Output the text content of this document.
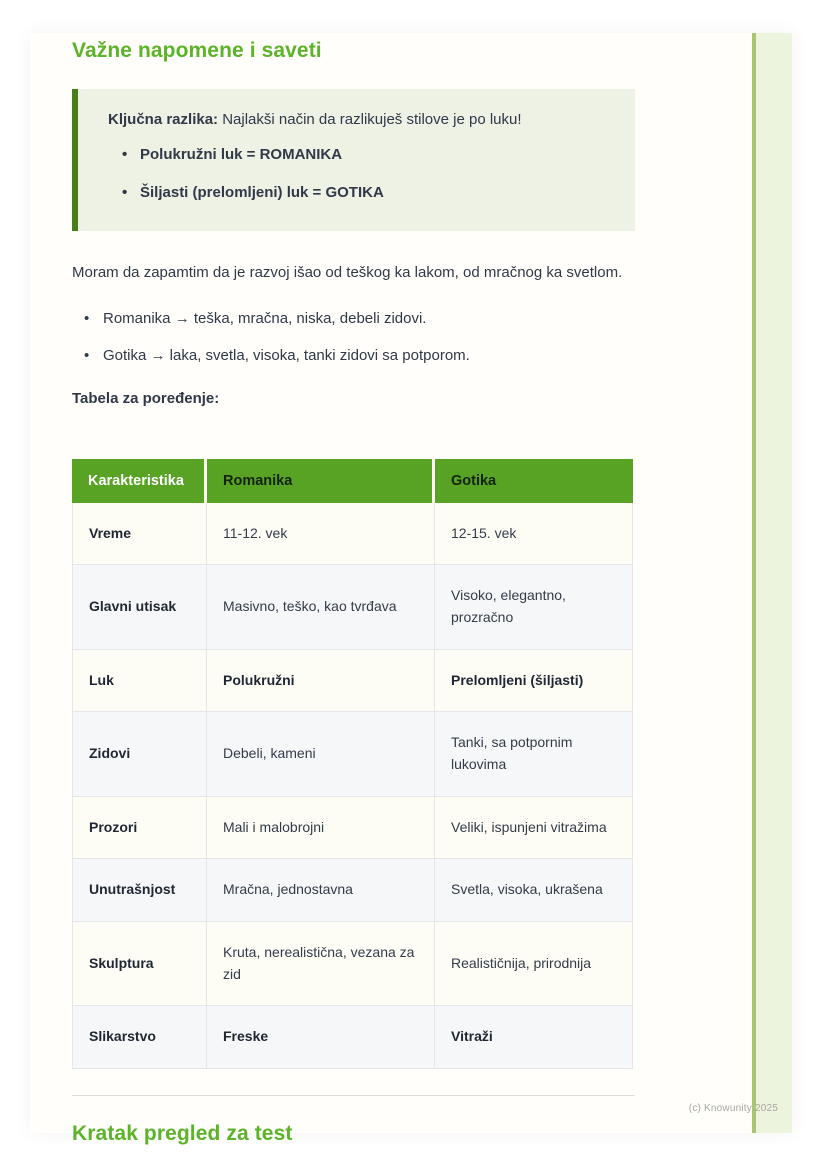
Važne napomene i saveti

Ključna razlika: Najlakši način da razlikuješ stilove je po luku!

• Polukružni luk = ROMANIKA
• Šiljasti (prelomljeni) luk = GOTIKA

Moram da zapamtim da je razvoj išao od teškog ka lakom, od mračnog ka svetlom.

• Romanika → teška, mračna, niska, debeli zidovi.
• Gotika → laka, svetla, visoka, tanki zidovi sa potporom.

Tabela za poređenje:

Karakteristika	Romanika	Gotika
Vreme	11-12. vek	12-15. vek
Glavni utisak	Masivno, teško, kao tvrđava	Visoko, elegantno, prozračno
Luk	Polukružni	Prelomljeni (šiljasti)
Zidovi	Debeli, kameni	Tanki, sa potpornim lukovima
Prozori	Mali i malobrojni	Veliki, ispunjeni vitražima
Unutrašnjost	Mračna, jednostavna	Svetla, visoka, ukrašena
Skulptura	Kruta, nerealistična, vezana za zid	Realističnija, prirodnija
Slikarstvo	Freske	Vitraži
Kratak pregled za test
(c) Knowunity 2025
